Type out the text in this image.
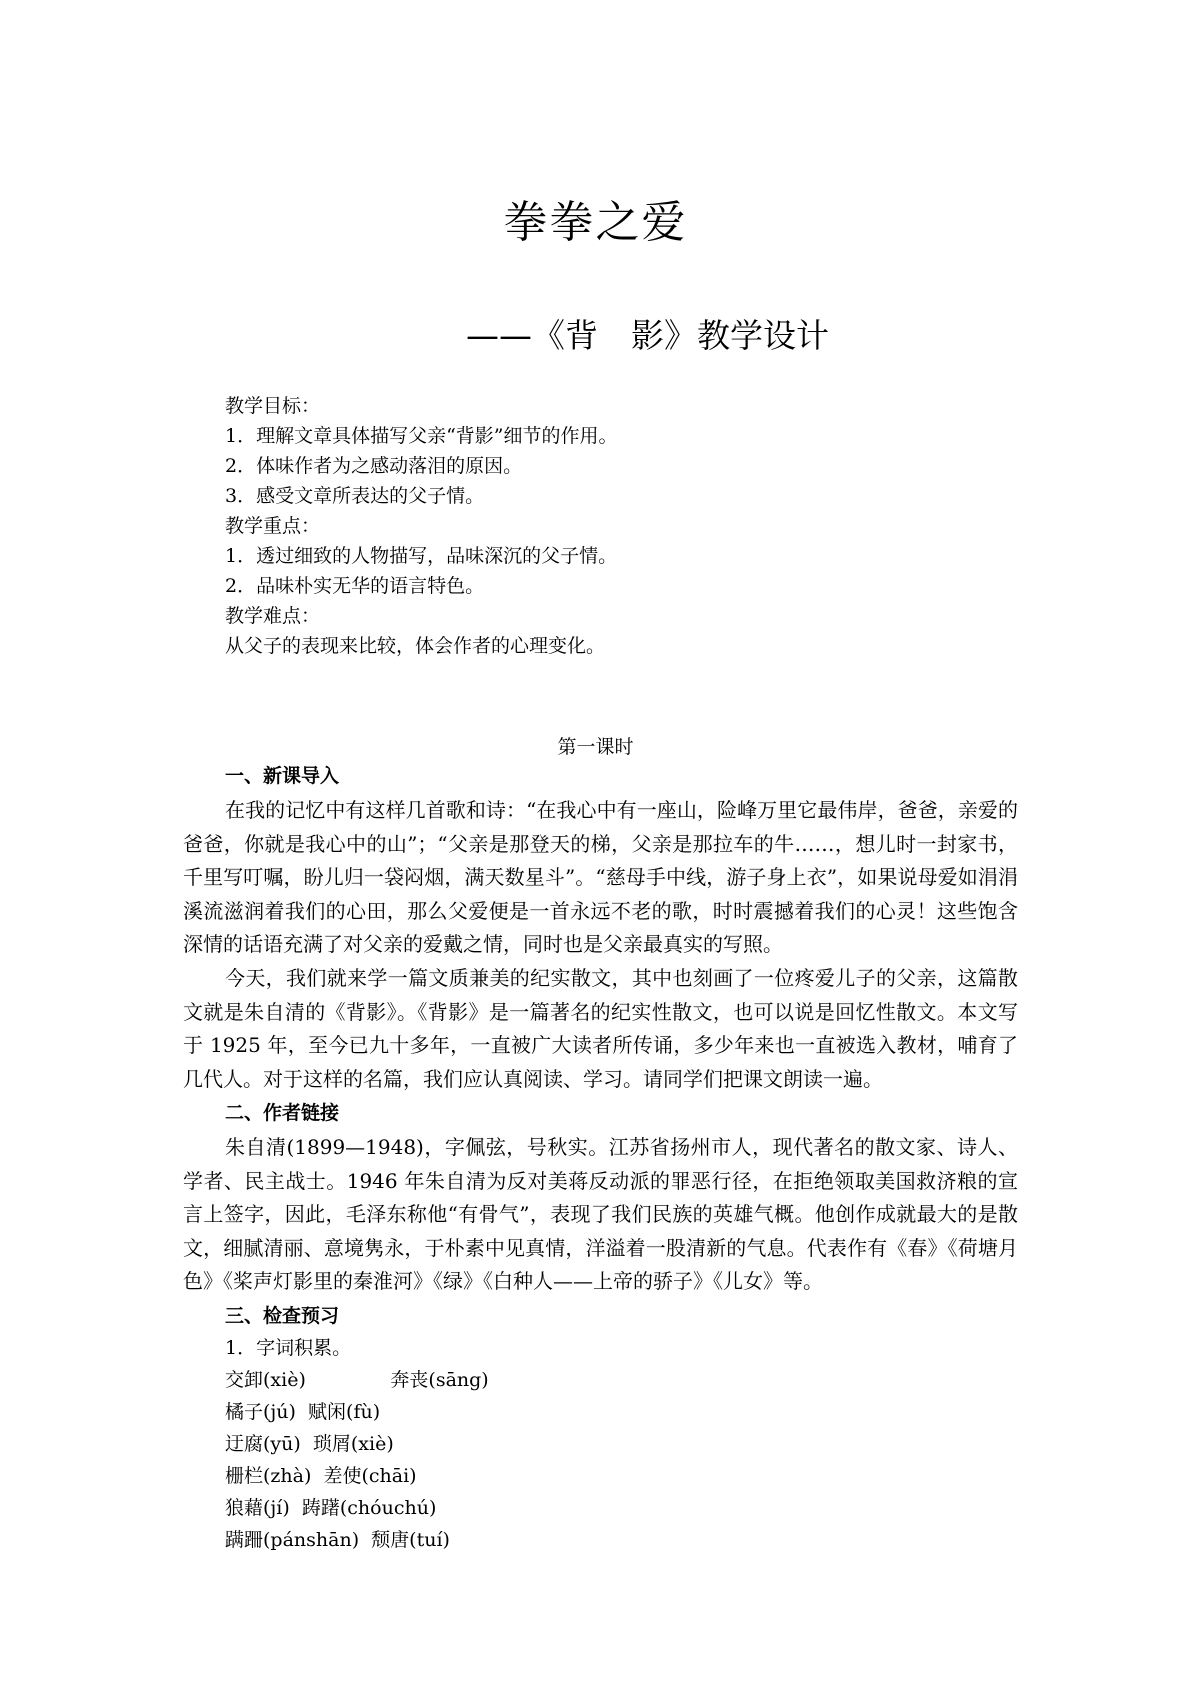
拳拳之爱
——《背　影》教学设计
教学目标：
1．理解文章具体描写父亲“背影”细节的作用。
2．体味作者为之感动落泪的原因。
3．感受文章所表达的父子情。
教学重点：
1．透过细致的人物描写，品味深沉的父子情。
2．品味朴实无华的语言特色。
教学难点：
从父子的表现来比较，体会作者的心理变化。
第一课时
一、新课导入
在我的记忆中有这样几首歌和诗：“在我心中有一座山，险峰万里它最伟岸，爸爸，亲爱的爸爸，你就是我心中的山”；“父亲是那登天的梯，父亲是那拉车的牛……，想儿时一封家书，千里写叮嘱，盼儿归一袋闷烟，满天数星斗”。“慈母手中线，游子身上衣”，如果说母爱如涓涓溪流滋润着我们的心田，那么父爱便是一首永远不老的歌，时时震撼着我们的心灵！这些饱含深情的话语充满了对父亲的爱戴之情，同时也是父亲最真实的写照。
今天，我们就来学一篇文质兼美的纪实散文，其中也刻画了一位疼爱儿子的父亲，这篇散文就是朱自清的《背影》。《背影》是一篇著名的纪实性散文，也可以说是回忆性散文。本文写于 1925 年，至今已九十多年，一直被广大读者所传诵，多少年来也一直被选入教材，哺育了几代人。对于这样的名篇，我们应认真阅读、学习。请同学们把课文朗读一遍。
二、作者链接
朱自清(1899—1948)，字佩弦，号秋实。江苏省扬州市人，现代著名的散文家、诗人、学者、民主战士。1946 年朱自清为反对美蒋反动派的罪恶行径，在拒绝领取美国救济粮的宣言上签字，因此，毛泽东称他“有骨气”，表现了我们民族的英雄气概。他创作成就最大的是散文，细腻清丽、意境隽永，于朴素中见真情，洋溢着一股清新的气息。代表作有《春》《荷塘月色》《桨声灯影里的秦淮河》《绿》《白种人——上帝的骄子》《儿女》等。
三、检查预习
1．字词积累。
交卸(xiè)              奔丧(sāng)
橘子(jú)  赋闲(fù)
迂腐(yū)  琐屑(xiè)
栅栏(zhà)  差使(chāi)
狼藉(jí)  踌躇(chóuchú)
蹒跚(pánshān)  颓唐(tuí)
